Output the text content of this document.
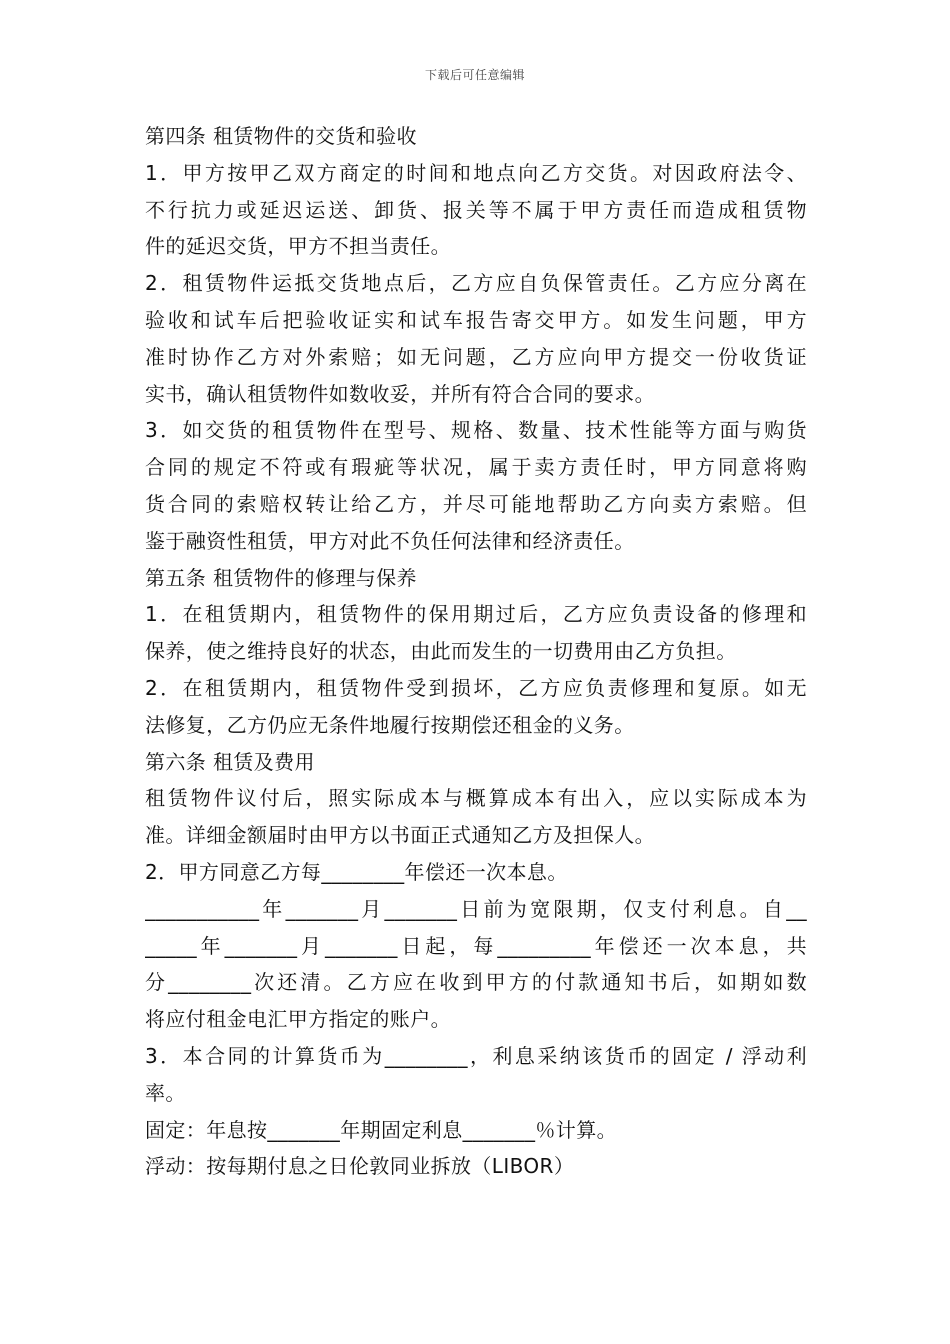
下载后可任意编辑
第四条 租赁物件的交货和验收
1．甲方按甲乙双方商定的时间和地点向乙方交货。对因政府法令、
不行抗力或延迟运送、卸货、报关等不属于甲方责任而造成租赁物
件的延迟交货，甲方不担当责任。
2．租赁物件运抵交货地点后，乙方应自负保管责任。乙方应分离在
验收和试车后把验收证实和试车报告寄交甲方。如发生问题，甲方
准时协作乙方对外索赔；如无问题，乙方应向甲方提交一份收货证
实书，确认租赁物件如数收妥，并所有符合合同的要求。
3．如交货的租赁物件在型号、规格、数量、技术性能等方面与购货
合同的规定不符或有瑕疵等状况，属于卖方责任时，甲方同意将购
货合同的索赔权转让给乙方，并尽可能地帮助乙方向卖方索赔。但
鉴于融资性租赁，甲方对此不负任何法律和经济责任。
第五条 租赁物件的修理与保养
1．在租赁期内，租赁物件的保用期过后，乙方应负责设备的修理和
保养，使之维持良好的状态，由此而发生的一切费用由乙方负担。
2．在租赁期内，租赁物件受到损坏，乙方应负责修理和复原。如无
法修复，乙方仍应无条件地履行按期偿还租金的义务。
第六条 租赁及费用
租赁物件议付后，照实际成本与概算成本有出入，应以实际成本为
准。详细金额届时由甲方以书面正式通知乙方及担保人。
2．甲方同意乙方每________年偿还一次本息。
___________年_______月_______日前为宽限期，仅支付利息。自__
_____年_______月_______日起，每_________年偿还一次本息，共
分________次还清。乙方应在收到甲方的付款通知书后，如期如数
将应付租金电汇甲方指定的账户。
3．本合同的计算货币为________，利息采纳该货币的固定 / 浮动利
率。
固定：年息按_______年期固定利息_______％计算。
浮动：按每期付息之日伦敦同业拆放（LIBOR）
